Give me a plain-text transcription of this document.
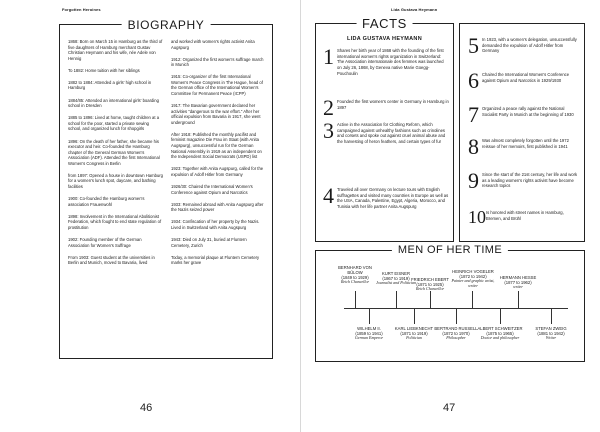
Forgotten Heroines
BIOGRAPHY
1868: Born on March 15 in Hamburg as the third of five daughters of Hamburg merchant Gustav Christian Heymann and his wife, née Adele von Hennig
To 1882: Home tuition with her siblings
1882 to 1884: Attended a girls' high school in Hamburg
1884/85: Attended an international girls' boarding school in Dresden
1885 to 1896: Lived at home, taught children at a school for the poor, started a private sewing school, and organized lunch for shopgirls
1896: On the death of her father, she became his executor and heir. Co-founded the Hamburg chapter of the General German Women's Association (ADF). Attended the first International Women's Congress in Berlin
from 1897: Opened a house in downtown Hamburg for a women's lunch spot, daycare, and bathing facilities
1900: Co-founded the Hamburg women's association Frauenwohl
1898: Involvement in the International Abolitionist Federation, which fought to end state regulation of prostitution
1902: Founding member of the German Association for Women's Suffrage
From 1903: Guest student at the universities in Berlin and Munich, moved to Bavaria, lived
and worked with women's rights activist Anita Augspurg
1912: Organized the first women's suffrage march in Munich
1915: Co-organizer of the first International Women's Peace Congress in The Hague, head of the German office of the International Women's Committee for Permanent Peace (ICPP)
1917: The Bavarian government declared her activities "dangerous to the war effort." After her official expulsion from Bavaria in 1917, she went underground
After 1918: Published the monthly pacifist and feminist magazine Die Frau im Staat (with Anita Augspurg), unsuccessful run for the German National Assembly in 1919 as an independent on the Independent Social Democrats (USPD) list
1923: Together with Anita Augspurg, called for the expulsion of Adolf Hitler from Germany
1926/30: Chaired the International Women's Conference against Opium and Narcotics
1933: Remained abroad with Anita Augspurg after the Nazis seized power
1934: Confiscation of her property by the Nazis. Lived in Switzerland with Anita Augspurg
1943: Died on July 31, buried at Fluntern Cemetery, Zurich
Today, a memorial plaque at Fluntern Cemetery marks her grave
46
Lida Gustava Heymann
FACTS
LIDA GUSTAVA HEYMANN
1 Shares her birth year of 1868 with the founding of the first international women's rights organization in Switzerland: The Association internationale des femmes was launched on July 26, 1868, by Geneva native Marie Goegg-Pouchoulin
2 Founded the first women's center in Germany in Hamburg in 1897
3 Active in the Association for Clothing Reform, which campaigned against unhealthy fashions such as crinolines and corsets and spoke out against cruel animal abuse and the harvesting of heron feathers, and certain types of fur
4 Traveled all over Germany on lecture tours with English suffragettes and visited many countries in Europe as well as the USA, Canada, Palestine, Egypt, Algeria, Morocco, and Tunisia with her life partner Anita Augspurg
5 In 1923, with a women's delegation, unsuccessfully demanded the expulsion of Adolf Hitler from Germany
6 Chaired the International Women's Conference against Opium and Narcotics in 1929/1930
7 Organized a peace rally against the National Socialist Party in Munich at the beginning of 1930
8 Was almost completely forgotten until the 1972 reissue of her memoirs, first published in 1941
9 Since the start of the 21st century, her life and work as a leading women's rights activist have become research topics
10 Is honored with street names in Hamburg, Bremen, and Brühl
MEN OF HER TIME
BERNHARD VON BÜLOW
(1849 to 1929)
Reich Chancellor
KURT EISNER
(1867 to 1919)
Journalist and Politician
FRIEDRICH EBERT
(1871 to 1925)
Reich Chancellor
HEINRICH VOGELER
(1872 to 1942)
Painter and graphic artist, writer
HERMANN HESSE
(1877 to 1962)
writer
WILHELM II.
(1859 to 1941)
German Emperor
KARL LIEBKNECHT
(1871 to 1919)
Politician
BERTRAND RUSSELL
(1872 to 1970)
Philosopher
ALBERT SCHWEITZER
(1875 to 1965)
Doctor and philosopher
STEFAN ZWEIG
(1881 to 1942)
Writer
47
